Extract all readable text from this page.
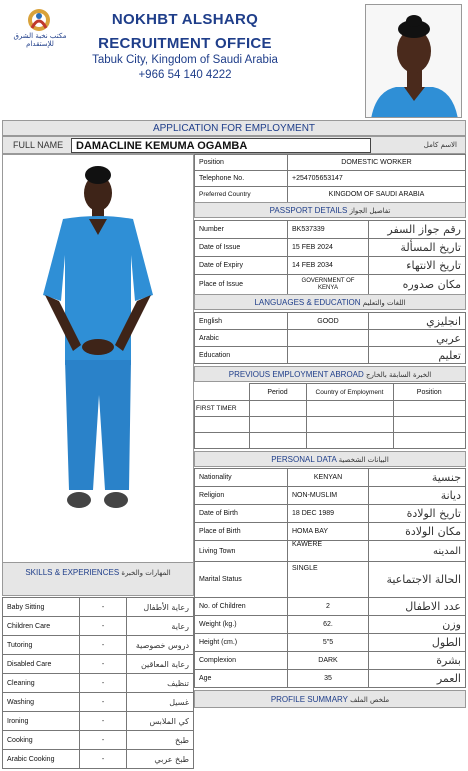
مكتب نخبة الشرق للإستقدام
NOKHBT ALSHARQ
RECRUITMENT OFFICE
Tabuk City, Kingdom of Saudi Arabia
+966 54 140 4222
APPLICATION FOR EMPLOYMENT
FULL NAME	DAMACLINE KEMUMA OGAMBA	الاسم كامل
Position	DOMESTIC WORKER
Telephone No.	+254705653147
Preferred Country	KINGDOM OF SAUDI ARABIA
PASSPORT DETAILS تفاصيل الجواز
Number	BK537339	رقم جواز السفر
Date of Issue	15 FEB 2024	تاريخ المسألة
Date of Expiry	14 FEB 2034	تاريخ الانتهاء
Place of Issue	GOVERNMENT OF KENYA	مكان صدوره
LANGUAGES & EDUCATION اللغات والتعليم
English	GOOD	انجليزي
Arabic		عربي
Education		تعليم
PREVIOUS EMPLOYMENT ABROAD الخبرة السابقة بالخارج
	Period	Country of Employment	Position
FIRST TIMER			

PERSONAL DATA البيانات الشخصية
Nationality	KENYAN	جنسية
Religion	NON-MUSLIM	ديانة
Date of Birth	18 DEC 1989	تاريخ الولادة
Place of Birth	HOMA BAY	مكان الولادة
Living Town	KAWERE	المدينه
Marital Status	SINGLE	الحالة الاجتماعية
No. of Children	2	عدد الاطفال
Weight (kg.)	62.	وزن
Height (cm.)	5"5	الطول
Complexion	DARK	بشرة
Age	35	العمر
PROFILE SUMMARY ملخص الملف
SKILLS & EXPERIENCES المهارات والخبرة
Baby Sitting	-	رعاية الأطفال
Children Care	-	رعاية
Tutoring	-	دروس خصوصية
Disabled Care	-	رعاية المعاقين
Cleaning	-	تنظيف
Washing	-	غسيل
Ironing	-	كي الملابس
Cooking	-	طبخ
Arabic Cooking	-	طبخ عربي
